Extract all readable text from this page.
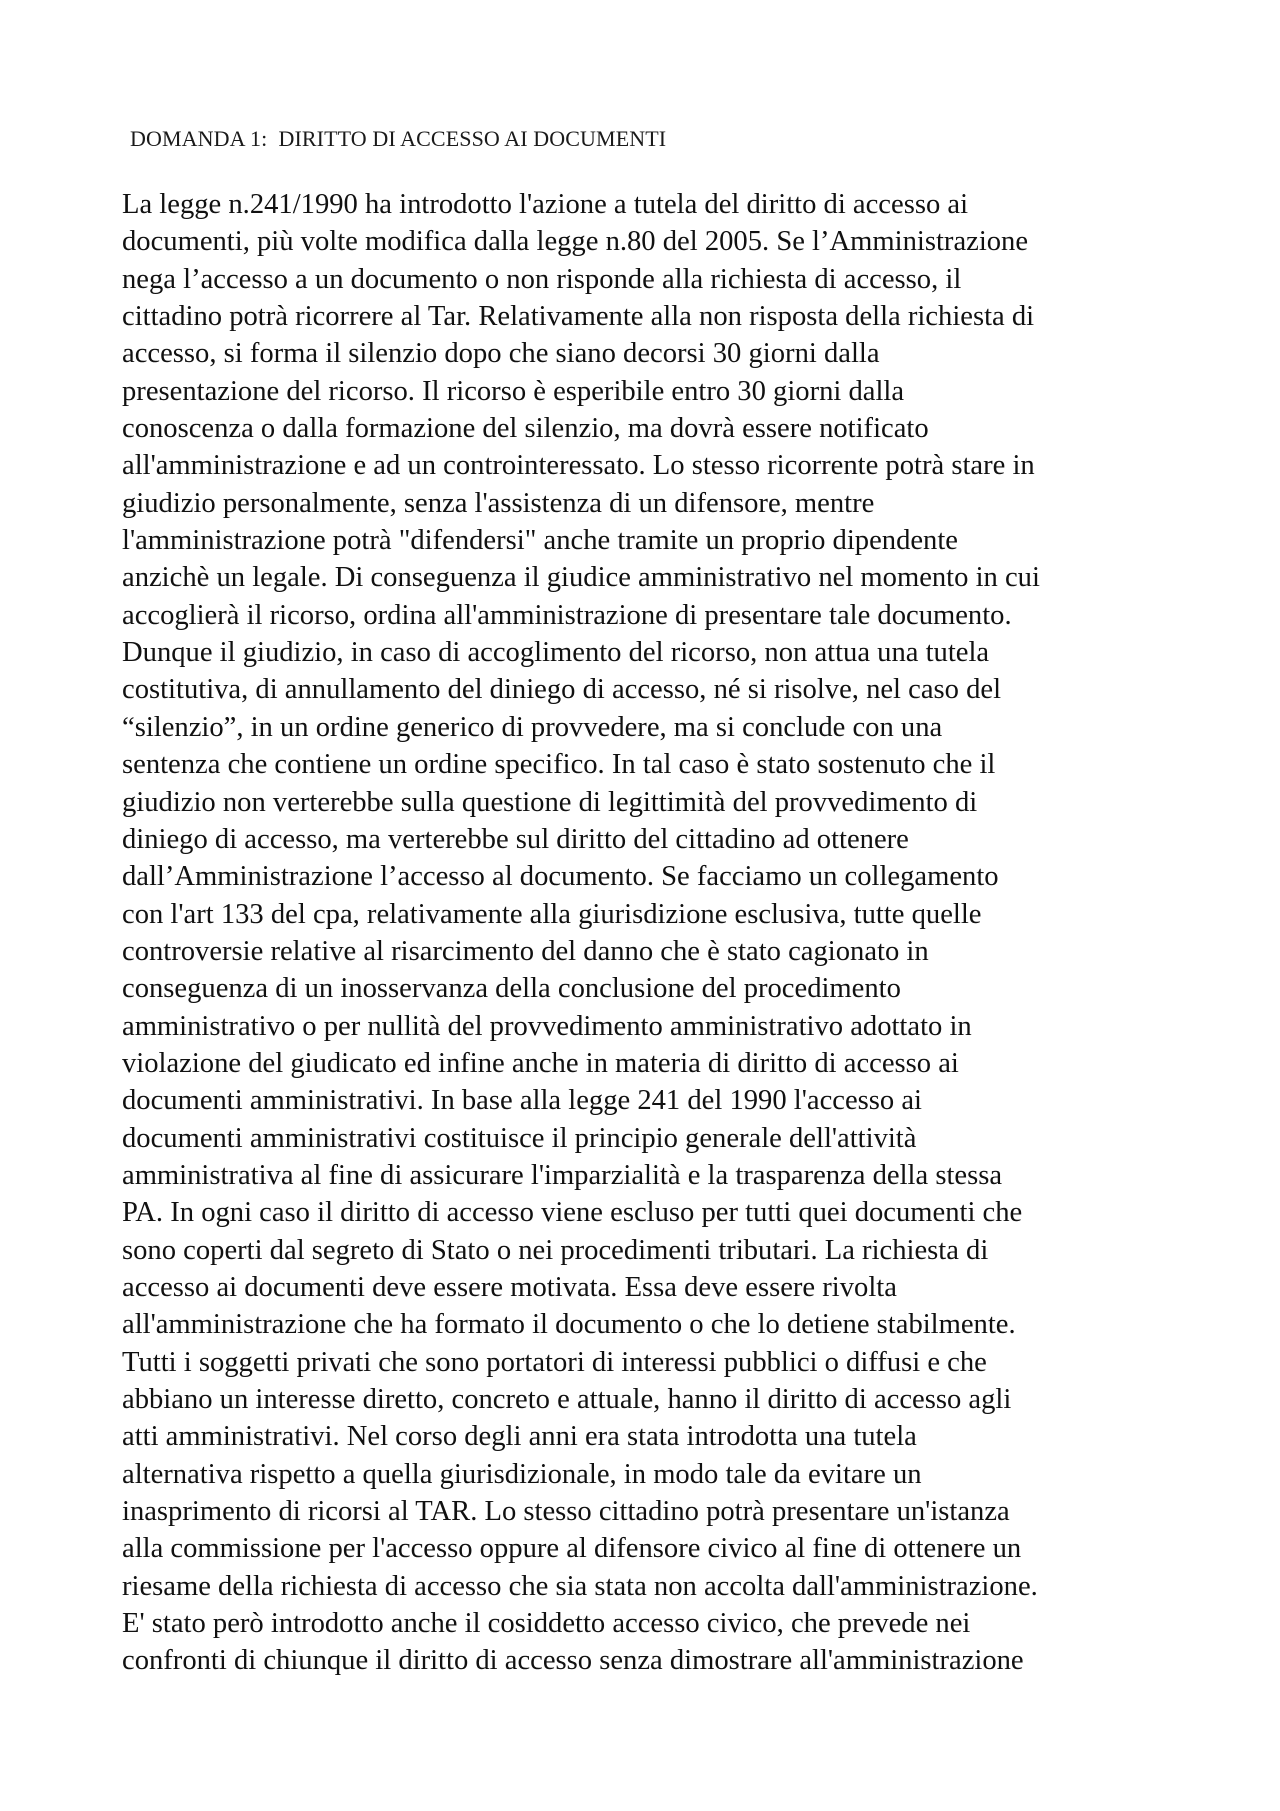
DOMANDA 1:  DIRITTO DI ACCESSO AI DOCUMENTI
La legge n.241/1990 ha introdotto l'azione a tutela del diritto di accesso ai
documenti, più volte modifica dalla legge n.80 del 2005. Se l’Amministrazione
nega l’accesso a un documento o non risponde alla richiesta di accesso, il
cittadino potrà ricorrere al Tar. Relativamente alla non risposta della richiesta di
accesso, si forma il silenzio dopo che siano decorsi 30 giorni dalla
presentazione del ricorso. Il ricorso è esperibile entro 30 giorni dalla
conoscenza o dalla formazione del silenzio, ma dovrà essere notificato
all'amministrazione e ad un controinteressato. Lo stesso ricorrente potrà stare in
giudizio personalmente, senza l'assistenza di un difensore, mentre
l'amministrazione potrà "difendersi" anche tramite un proprio dipendente
anzichè un legale. Di conseguenza il giudice amministrativo nel momento in cui
accoglierà il ricorso, ordina all'amministrazione di presentare tale documento.
Dunque il giudizio, in caso di accoglimento del ricorso, non attua una tutela
costitutiva, di annullamento del diniego di accesso, né si risolve, nel caso del
“silenzio”, in un ordine generico di provvedere, ma si conclude con una
sentenza che contiene un ordine specifico. In tal caso è stato sostenuto che il
giudizio non verterebbe sulla questione di legittimità del provvedimento di
diniego di accesso, ma verterebbe sul diritto del cittadino ad ottenere
dall’Amministrazione l’accesso al documento. Se facciamo un collegamento
con l'art 133 del cpa, relativamente alla giurisdizione esclusiva, tutte quelle
controversie relative al risarcimento del danno che è stato cagionato in
conseguenza di un inosservanza della conclusione del procedimento
amministrativo o per nullità del provvedimento amministrativo adottato in
violazione del giudicato ed infine anche in materia di diritto di accesso ai
documenti amministrativi. In base alla legge 241 del 1990 l'accesso ai
documenti amministrativi costituisce il principio generale dell'attività
amministrativa al fine di assicurare l'imparzialità e la trasparenza della stessa
PA. In ogni caso il diritto di accesso viene escluso per tutti quei documenti che
sono coperti dal segreto di Stato o nei procedimenti tributari. La richiesta di
accesso ai documenti deve essere motivata. Essa deve essere rivolta
all'amministrazione che ha formato il documento o che lo detiene stabilmente.
Tutti i soggetti privati che sono portatori di interessi pubblici o diffusi e che
abbiano un interesse diretto, concreto e attuale, hanno il diritto di accesso agli
atti amministrativi. Nel corso degli anni era stata introdotta una tutela
alternativa rispetto a quella giurisdizionale, in modo tale da evitare un
inasprimento di ricorsi al TAR. Lo stesso cittadino potrà presentare un'istanza
alla commissione per l'accesso oppure al difensore civico al fine di ottenere un
riesame della richiesta di accesso che sia stata non accolta dall'amministrazione.
E' stato però introdotto anche il cosiddetto accesso civico, che prevede nei
confronti di chiunque il diritto di accesso senza dimostrare all'amministrazione
